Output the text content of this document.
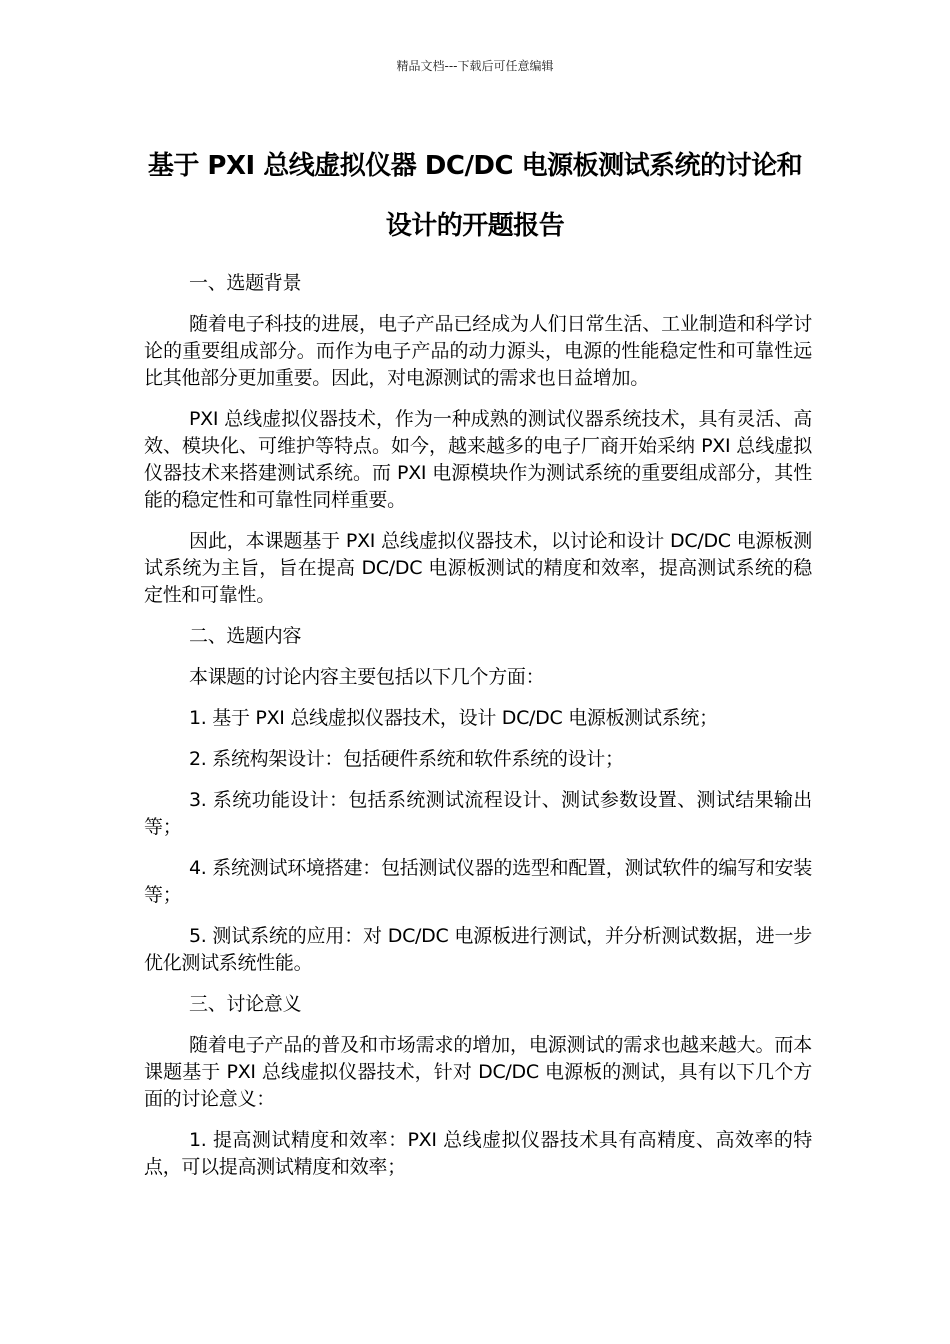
精品文档---下载后可任意编辑
基于 PXI 总线虚拟仪器 DC/DC 电源板测试系统的讨论和设计的开题报告

一、选题背景

随着电子科技的进展，电子产品已经成为人们日常生活、工业制造和科学讨论的重要组成部分。而作为电子产品的动力源头，电源的性能稳定性和可靠性远比其他部分更加重要。因此，对电源测试的需求也日益增加。

PXI 总线虚拟仪器技术，作为一种成熟的测试仪器系统技术，具有灵活、高效、模块化、可维护等特点。如今，越来越多的电子厂商开始采纳 PXI 总线虚拟仪器技术来搭建测试系统。而 PXI 电源模块作为测试系统的重要组成部分，其性能的稳定性和可靠性同样重要。

因此，本课题基于 PXI 总线虚拟仪器技术，以讨论和设计 DC/DC 电源板测试系统为主旨，旨在提高 DC/DC 电源板测试的精度和效率，提高测试系统的稳定性和可靠性。

二、选题内容

本课题的讨论内容主要包括以下几个方面：

1. 基于 PXI 总线虚拟仪器技术，设计 DC/DC 电源板测试系统；

2. 系统构架设计：包括硬件系统和软件系统的设计；

3. 系统功能设计：包括系统测试流程设计、测试参数设置、测试结果输出等；

4. 系统测试环境搭建：包括测试仪器的选型和配置，测试软件的编写和安装等；

5. 测试系统的应用：对 DC/DC 电源板进行测试，并分析测试数据，进一步优化测试系统性能。

三、讨论意义

随着电子产品的普及和市场需求的增加，电源测试的需求也越来越大。而本课题基于 PXI 总线虚拟仪器技术，针对 DC/DC 电源板的测试，具有以下几个方面的讨论意义：

1. 提高测试精度和效率：PXI 总线虚拟仪器技术具有高精度、高效率的特点，可以提高测试精度和效率；
